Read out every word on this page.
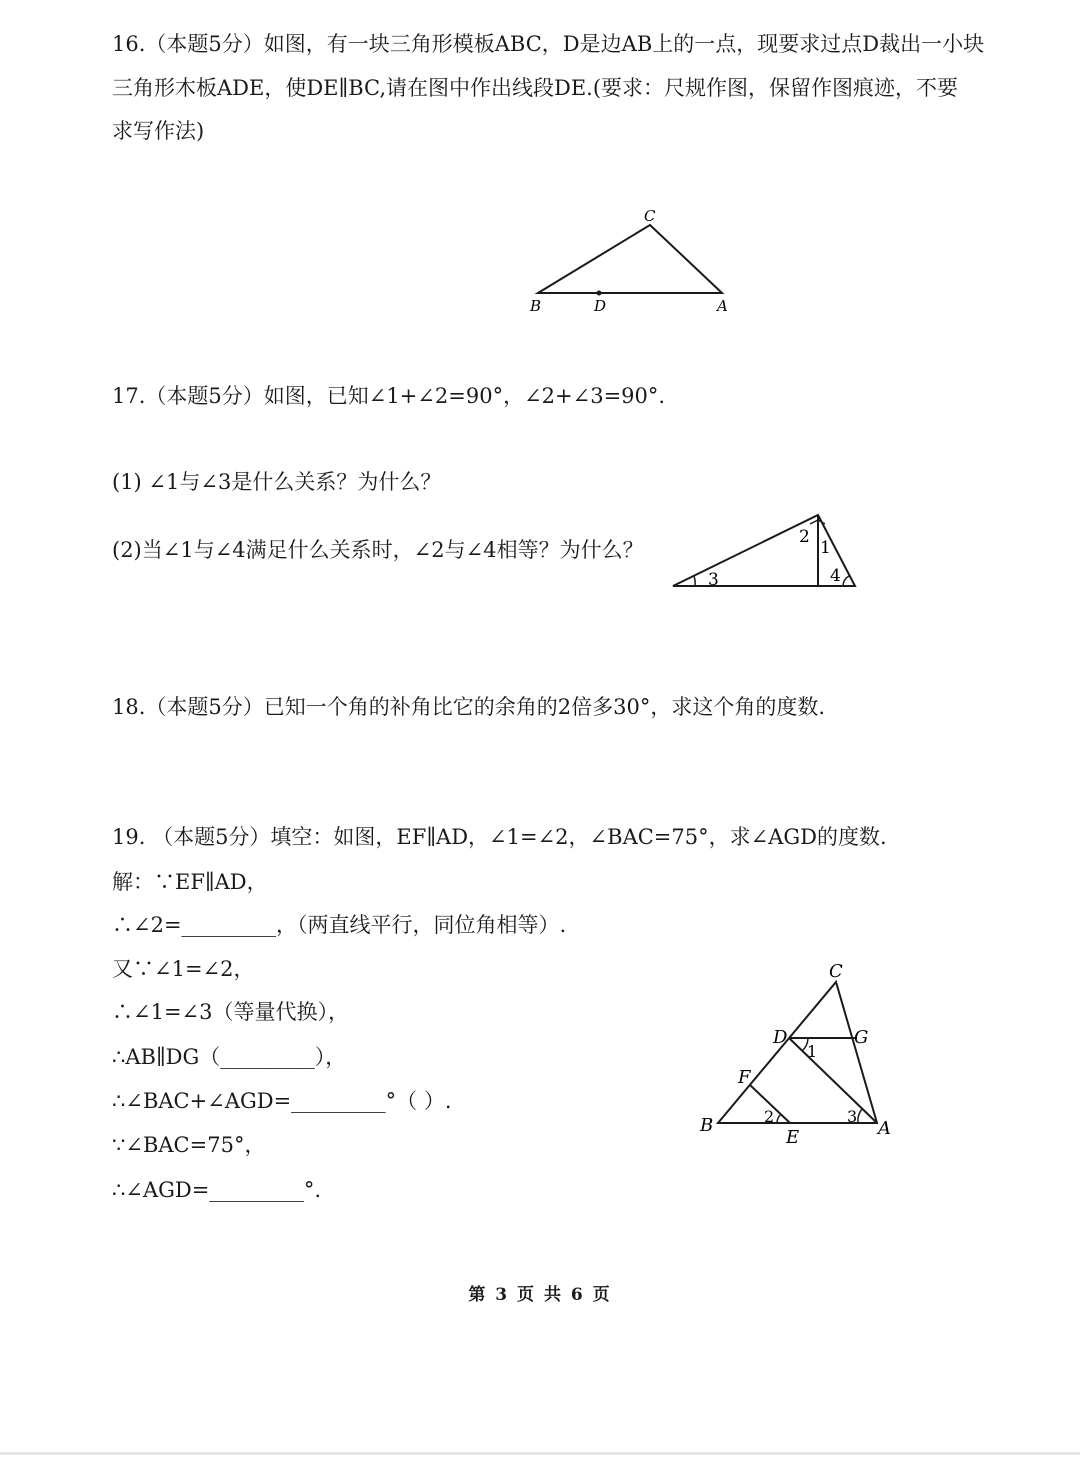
16.（本题5分）如图，有一块三角形模板ABC，D是边AB上的一点，现要求过点D裁出一小块
三角形木板ADE，使DE∥BC,请在图中作出线段DE.(要求：尺规作图，保留作图痕迹，不要
求写作法)
C
B	D	A
17.（本题5分）如图，已知∠1+∠2=90°，∠2+∠3=90°.
(1) ∠1与∠3是什么关系？为什么？
(2)当∠1与∠4满足什么关系时，∠2与∠4相等？为什么？
2
1
3	4
18.（本题5分）已知一个角的补角比它的余角的2倍多30°，求这个角的度数.
19. （本题5分）填空：如图，EF∥AD，∠1=∠2，∠BAC=75°，求∠AGD的度数.
解：∵EF∥AD，
∴∠2=_________，（两直线平行，同位角相等）.
又∵∠1=∠2，
∴∠1=∠3（等量代换），
∴AB∥DG（_________），
∴∠BAC+∠AGD=_________°（ ）.
∵∠BAC=75°，
∴∠AGD=_________°.
C
D	G
F
B
E	A
1
2	3
第 3 页 共 6 页
